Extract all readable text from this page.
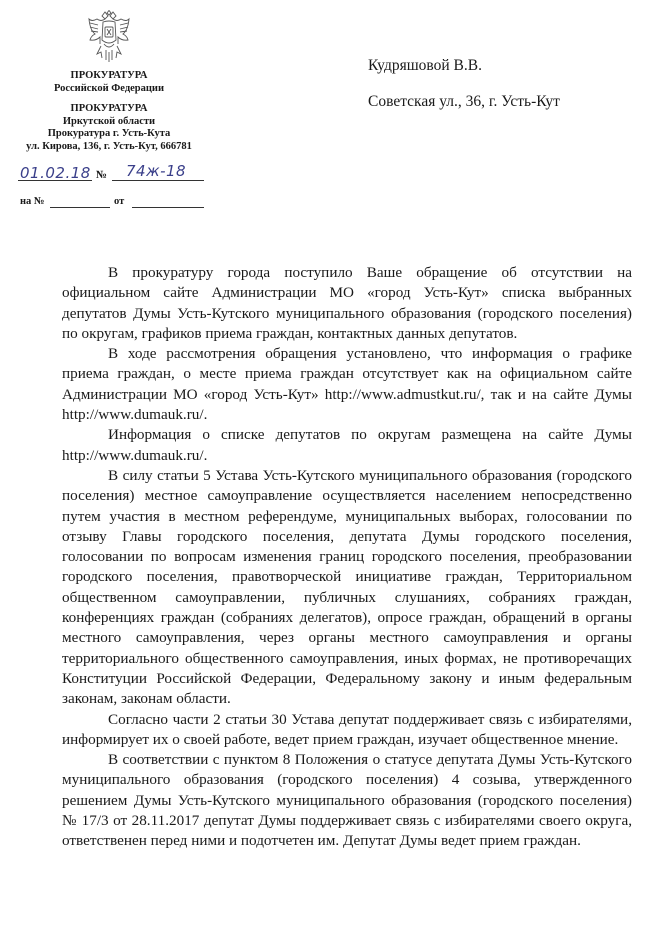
ПРОКУРАТУРА
Российской Федерации
ПРОКУРАТУРА
Иркутской области
Прокуратура г. Усть-Кута
ул. Кирова, 136, г. Усть-Кут, 666781
01.02.18 № 74ж-18
на №	от
Кудряшовой В.В.
Советская ул., 36, г. Усть-Кут

В прокуратуру города поступило Ваше обращение об отсутствии на официальном сайте Администрации МО «город Усть-Кут» списка выбранных депутатов Думы Усть-Кутского муниципального образования (городского поселения) по округам, графиков приема граждан, контактных данных депутатов.

В ходе рассмотрения обращения установлено, что информация о графике приема граждан, о месте приема граждан отсутствует как на официальном сайте Администрации МО «город Усть-Кут» http://www.admustkut.ru/, так и на сайте Думы http://www.dumauk.ru/.

Информация о списке депутатов по округам размещена на сайте Думы http://www.dumauk.ru/.

В силу статьи 5 Устава Усть-Кутского муниципального образования (городского поселения) местное самоуправление осуществляется населением непосредственно путем участия в местном референдуме, муниципальных выборах, голосовании по отзыву Главы городского поселения, депутата Думы городского поселения, голосовании по вопросам изменения границ городского поселения, преобразовании городского поселения, правотворческой инициативе граждан, Территориальном общественном самоуправлении, публичных слушаниях, собраниях граждан, конференциях граждан (собраниях делегатов), опросе граждан, обращений в органы местного самоуправления, через органы местного самоуправления и органы территориального общественного самоуправления, иных формах, не противоречащих Конституции Российской Федерации, Федеральному закону и иным федеральным законам, законам области.

Согласно части 2 статьи 30 Устава депутат поддерживает связь с избирателями, информирует их о своей работе, ведет прием граждан, изучает общественное мнение.

В соответствии с пунктом 8 Положения о статусе депутата Думы Усть-Кутского муниципального образования (городского поселения) 4 созыва, утвержденного решением Думы Усть-Кутского муниципального образования (городского поселения) № 17/3 от 28.11.2017 депутат Думы поддерживает связь с избирателями своего округа, ответственен перед ними и подотчетен им. Депутат Думы ведет прием граждан.
